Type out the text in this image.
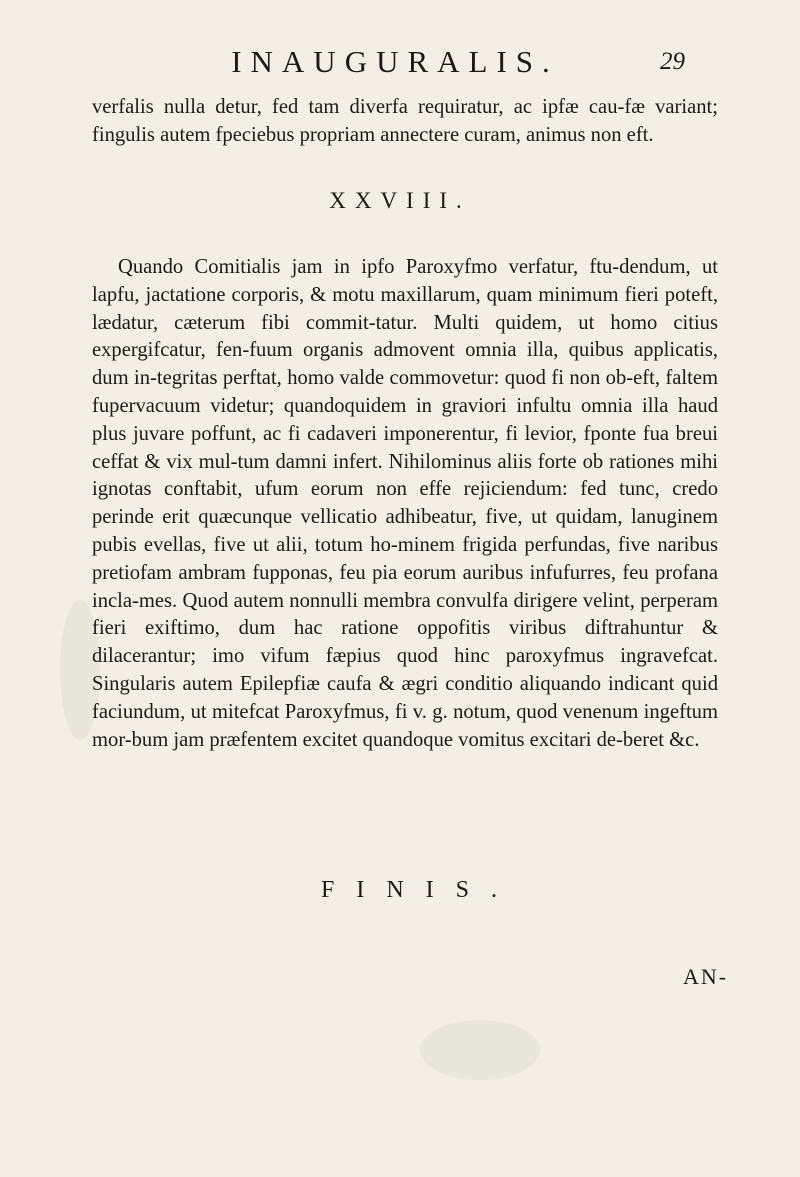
INAUGURALIS.	29

verfalis nulla detur, fed tam diverfa requiratur, ac ipfæ cau-fæ variant; fingulis autem fpeciebus propriam annectere curam, animus non eft.

XXVIII.

Quando Comitialis jam in ipfo Paroxyfmo verfatur, ftu-dendum, ut lapfu, jactatione corporis, & motu maxillarum, quam minimum fieri poteft, lædatur, cæterum fibi commit-tatur. Multi quidem, ut homo citius expergifcatur, fen-fuum organis admovent omnia illa, quibus applicatis, dum in-tegritas perftat, homo valde commovetur: quod fi non ob-eft, faltem fupervacuum videtur; quandoquidem in graviori infultu omnia illa haud plus juvare poffunt, ac fi cadaveri imponerentur, fi levior, fponte fua breui ceffat & vix mul-tum damni infert. Nihilominus aliis forte ob rationes mihi ignotas conftabit, ufum eorum non effe rejiciendum: fed tunc, credo perinde erit quæcunque vellicatio adhibeatur, five, ut quidam, lanuginem pubis evellas, five ut alii, totum ho-minem frigida perfundas, five naribus pretiofam ambram fupponas, feu pia eorum auribus infufurres, feu profana incla-mes. Quod autem nonnulli membra convulfa dirigere velint, perperam fieri exiftimo, dum hac ratione oppofitis viribus diftrahuntur & dilacerantur; imo vifum fæpius quod hinc paroxyfmus ingravefcat. Singularis autem Epilepfiæ caufa & ægri conditio aliquando indicant quid faciundum, ut mitefcat Paroxyfmus, fi v. g. notum, quod venenum ingeftum mor-bum jam præfentem excitet quandoque vomitus excitari de-beret &c.

FINIS.
AN-
